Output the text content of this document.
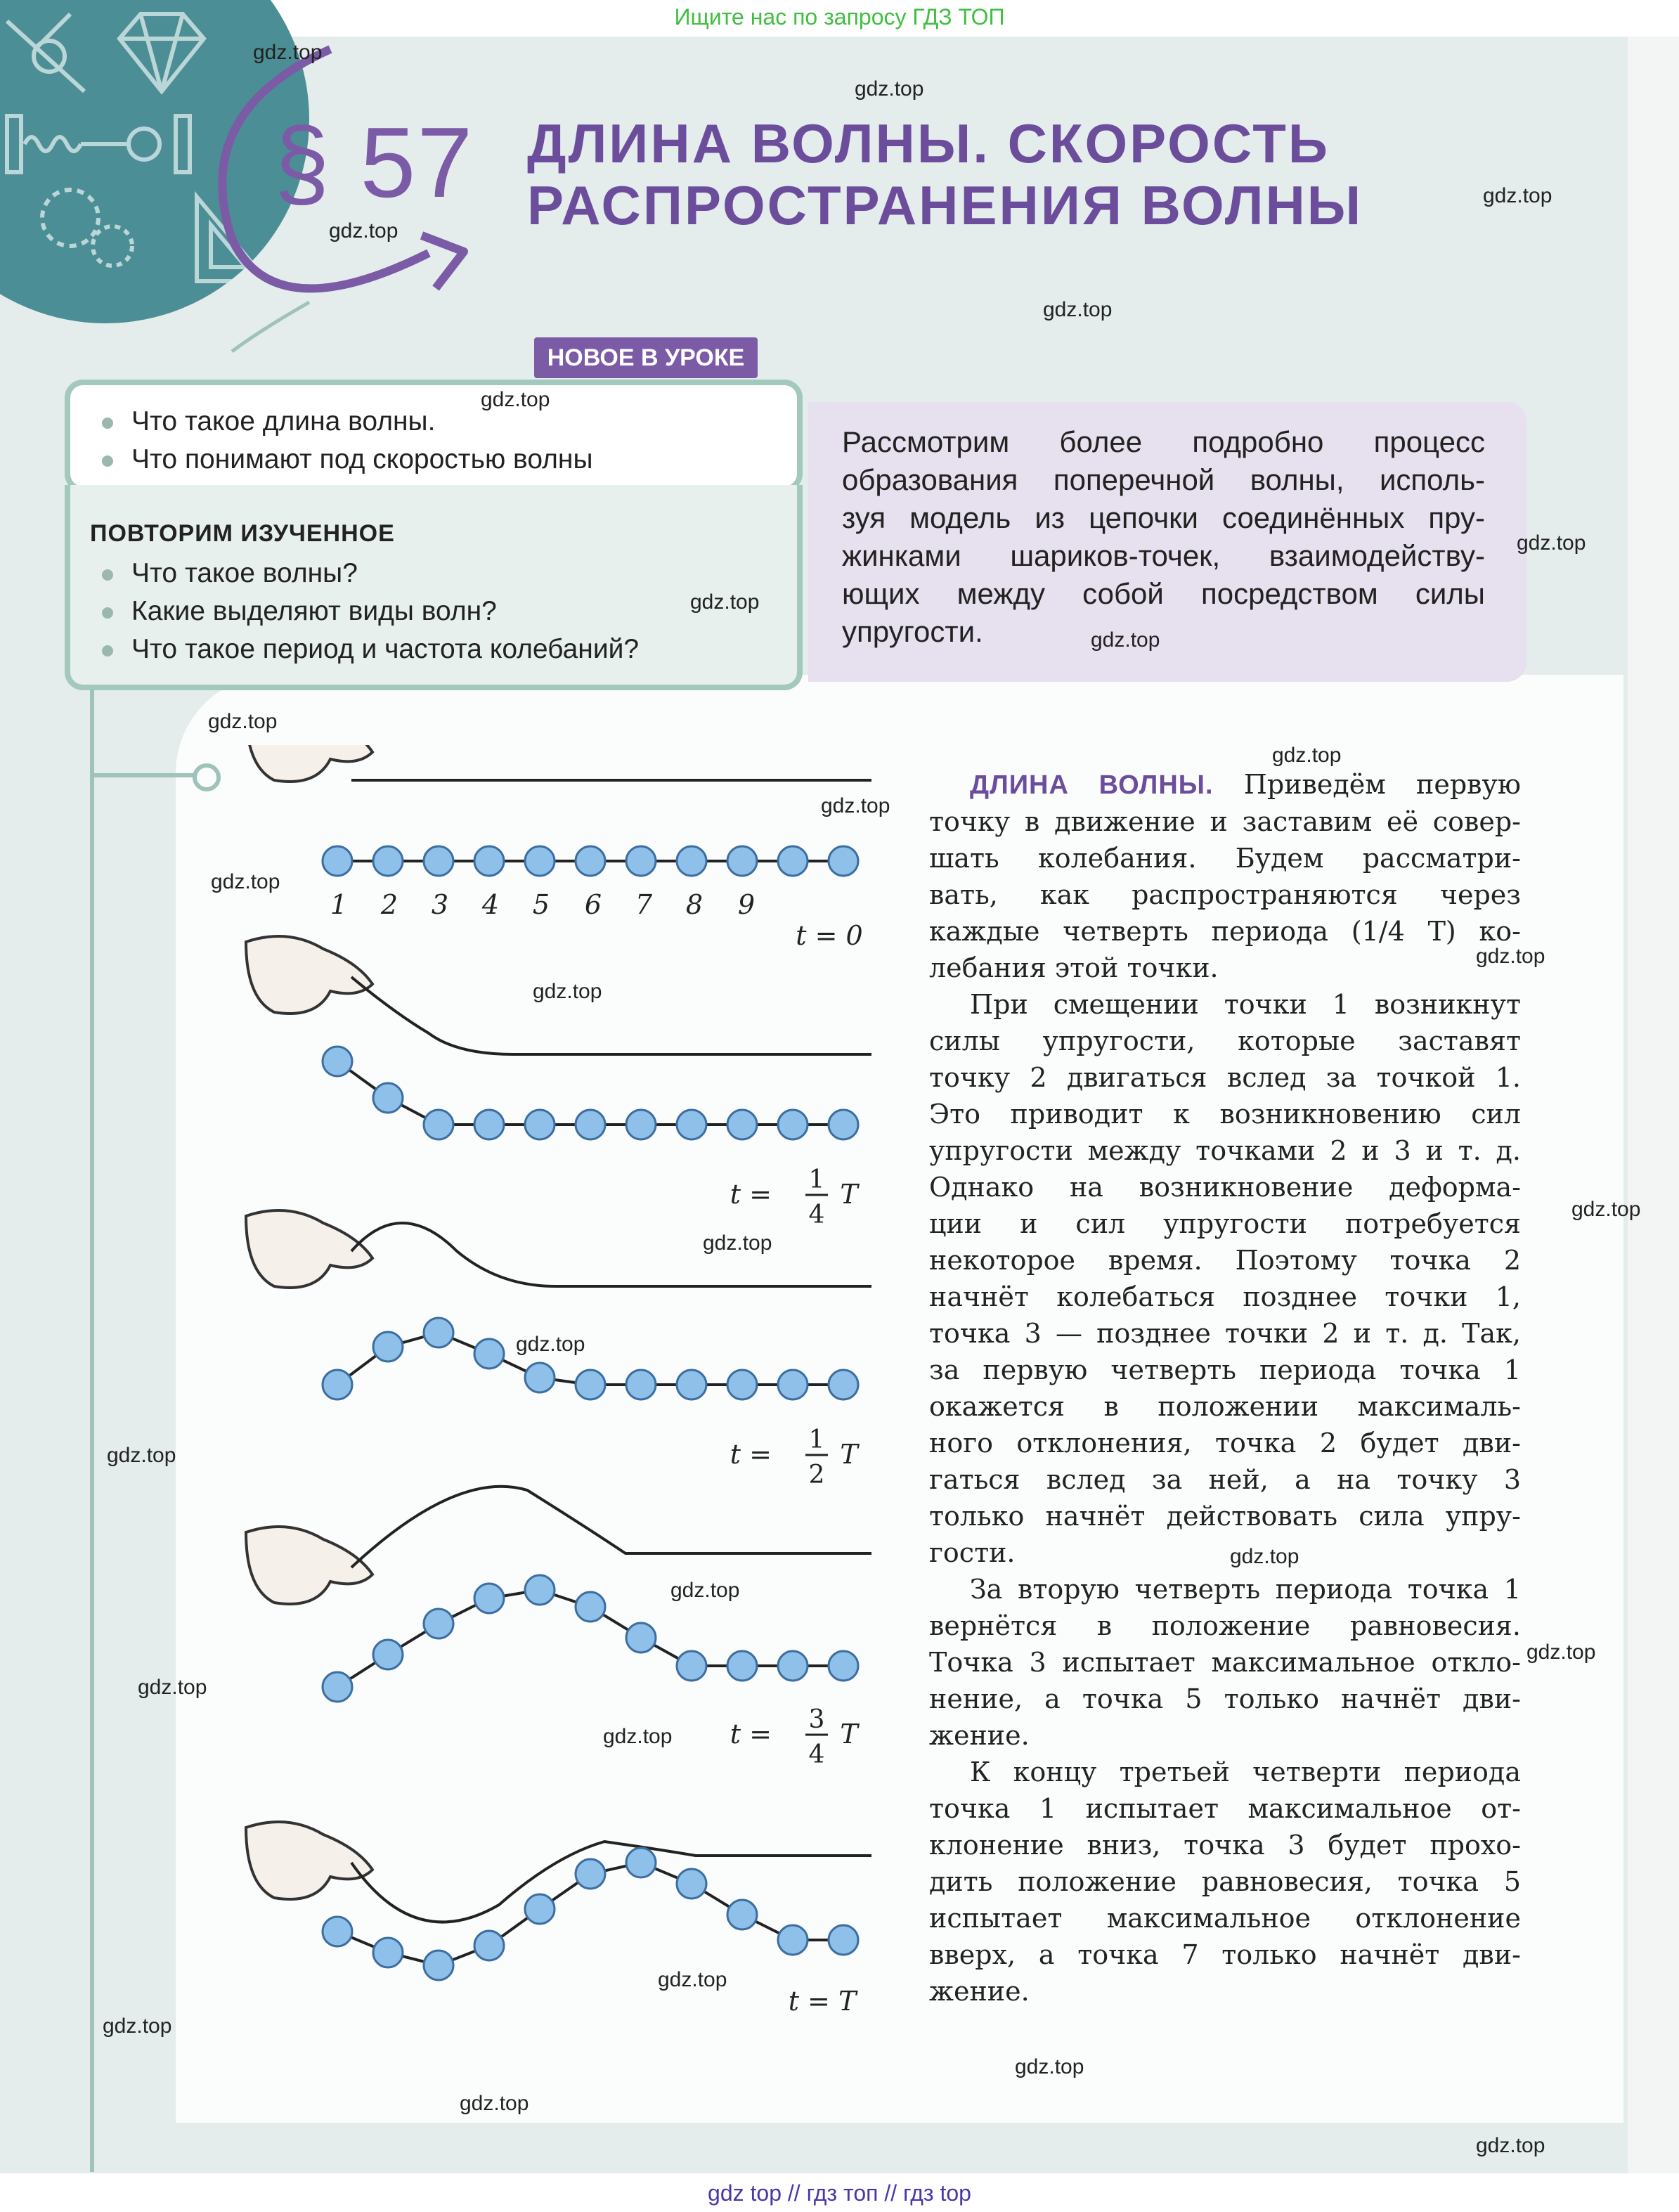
Ищите нас по запросу ГДЗ ТОП
§ 57 ДЛИНА ВОЛНЫ. СКОРОСТЬ
РАСПРОСТРАНЕНИЯ ВОЛНЫ
НОВОЕ В УРОКЕ
Что такое длина волны.
Что понимают под скоростью волны
ПОВТОРИМ ИЗУЧЕННОЕ
Что такое волны?
Какие выделяют виды волн?
Что такое период и частота колебаний?
Рассмотрим более подробно процесс
образования поперечной волны, исполь-
зуя модель из цепочки соединённых пру-
жинками шариков-точек, взаимодейству-
ющих между собой посредством силы
упругости.
1 2 3 4 5 6 7 8 9
t = 0
t = 1
4
T
t = 1
2
T
t = 3
4
T
t = T

ДЛИНА ВОЛНЫ. Приведём первую
точку в движение и заставим её совер-
шать колебания. Будем рассматри-
вать, как распространяются через
каждые четверть периода (1/4 T) ко-
лебания этой точки.

При смещении точки 1 возникнут
силы упругости, которые заставят
точку 2 двигаться вслед за точкой 1.
Это приводит к возникновению сил
упругости между точками 2 и 3 и т. д.
Однако на возникновение деформа-
ции и сил упругости потребуется
некоторое время. Поэтому точка 2
начнёт колебаться позднее точки 1,
точка 3 — позднее точки 2 и т. д. Так,
за первую четверть периода точка 1
окажется в положении максималь-
ного отклонения, точка 2 будет дви-
гаться вслед за ней, а на точку 3
только начнёт действовать сила упру-
гости.

За вторую четверть периода точка 1
вернётся в положение равновесия.
Точка 3 испытает максимальное откло-
нение, а точка 5 только начнёт дви-
жение.

К концу третьей четверти периода
точка 1 испытает максимальное от-
клонение вниз, точка 3 будет прохо-
дить положение равновесия, точка 5
испытает максимальное отклонение
вверх, а точка 7 только начнёт дви-
жение.

gdz.top
gdz.top
gdz.top
gdz.top
gdz.top
gdz.top
gdz.top
gdz.top
gdz.top
gdz.top
gdz.top
gdz.top
gdz.top
gdz.top
gdz.top
gdz.top
gdz.top
gdz.top
gdz.top
gdz.top
gdz.top
gdz.top
gdz.top
gdz.top
gdz.top
gdz.top
gdz.top
gdz.top
gdz.top
gdz top // гдз топ // гдз top
